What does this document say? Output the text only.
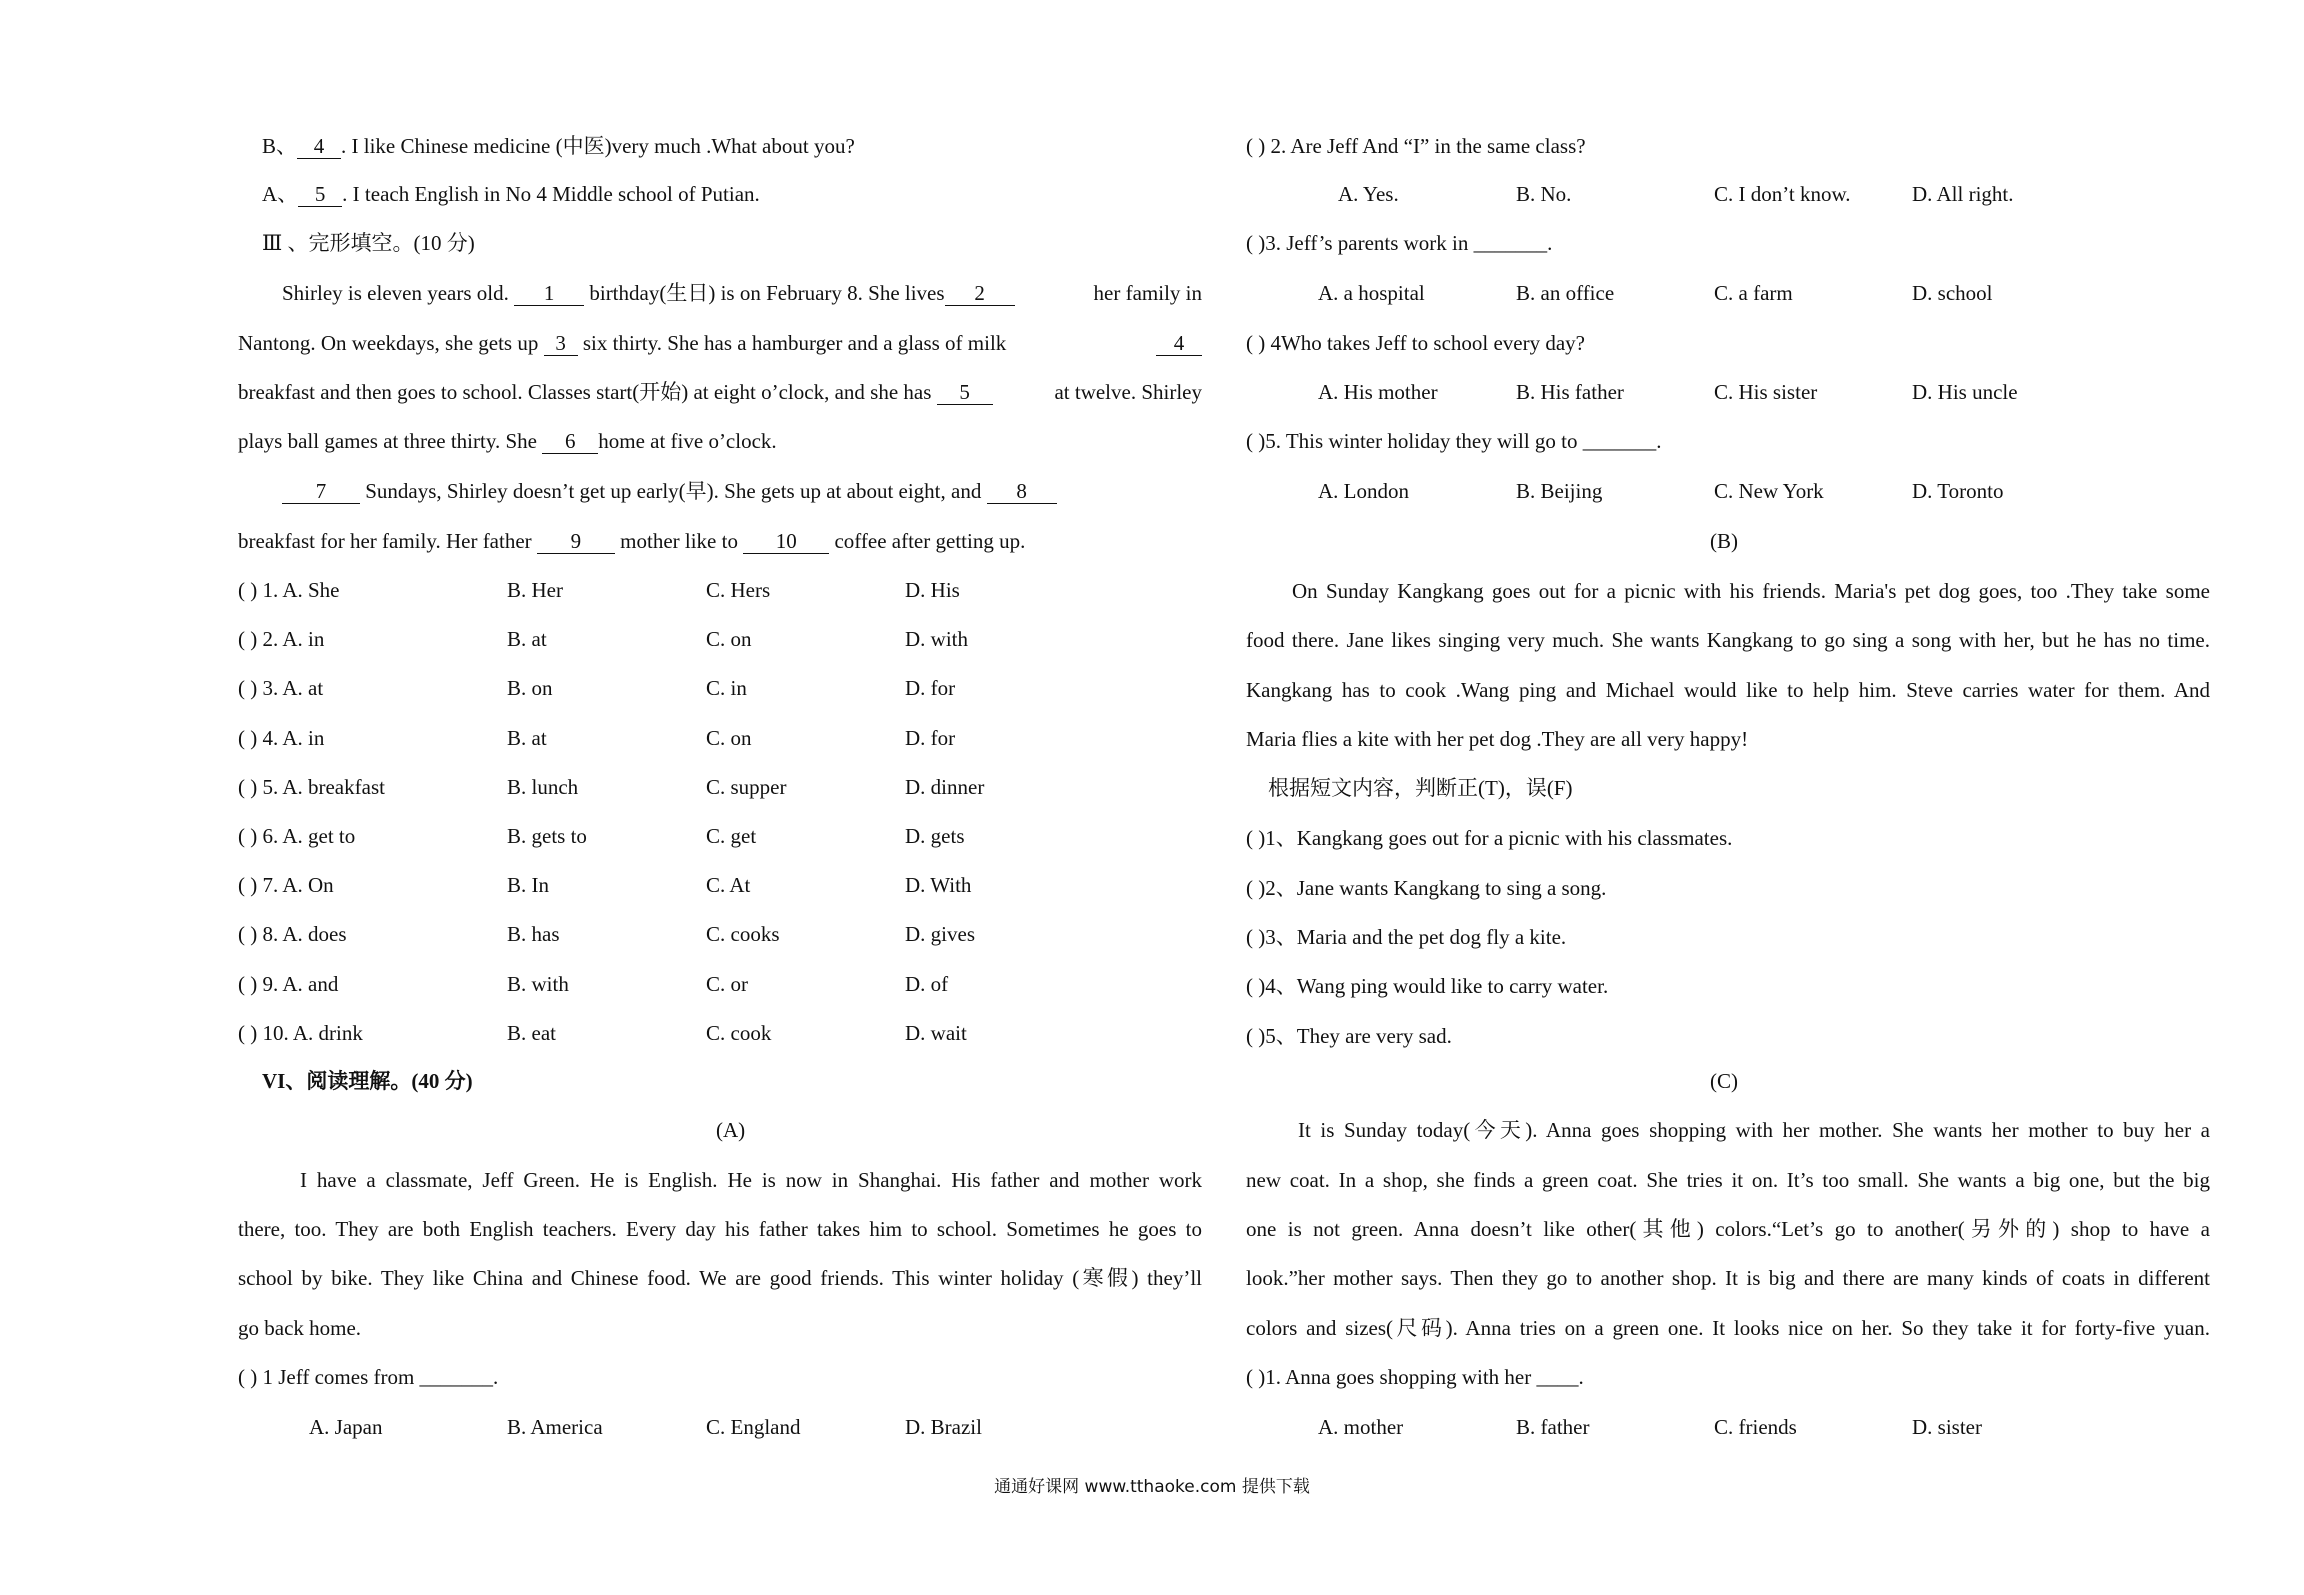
B、 4 . I like Chinese medicine (中医)very much .What about you?
A、 5 . I teach English in No 4 Middle school of Putian.
Ⅲ 、完形填空。(10 分)
Shirley is eleven years old. 1 birthday(生日) is on February 8. She lives 2	her family in
Nantong. On weekdays, she gets up 3 six thirty. She has a hamburger and a glass of milk	4
breakfast and then goes to school. Classes start(开始) at eight o’clock, and she has 5	at twelve. Shirley
plays ball games at three thirty. She 6 home at five o’clock.
7 Sundays, Shirley doesn’t get up early(早). She gets up at about eight, and 8
breakfast for her family. Her father 9 mother like to 10 coffee after getting up.
( ) 1. A. She	B. Her	C. Hers	D. His
( ) 2. A. in	B. at	C. on	D. with
( ) 3. A. at	B. on	C. in	D. for
( ) 4. A. in	B. at	C. on	D. for
( ) 5. A. breakfast	B. lunch	C. supper	D. dinner
( ) 6. A. get to	B. gets to	C. get	D. gets
( ) 7. A. On	B. In	C. At	D. With
( ) 8. A. does	B. has	C. cooks	D. gives
( ) 9. A. and	B. with	C. or	D. of
( ) 10. A. drink	B. eat	C. cook	D. wait
VI、阅读理解。(40 分)
(A)
I have a classmate, Jeff Green. He is English. He is now in Shanghai. His father and mother work
there, too. They are both English teachers. Every day his father takes him to school. Sometimes he goes to
school by bike. They like China and Chinese food. We are good friends. This winter holiday (寒假) they’ll
go back home.
( ) 1 Jeff comes from _______.
A. Japan	B. America	C. England	D. Brazil
( ) 2. Are Jeff And “I” in the same class?
A. Yes.	B. No.	C. I don’t know.	D. All right.
( )3. Jeff’s parents work in _______.
A. a hospital	B. an office	C. a farm	D. school
( ) 4Who takes Jeff to school every day?
A. His mother	B. His father	C. His sister	D. His uncle
( )5. This winter holiday they will go to _______.
A. London	B. Beijing	C. New York	D. Toronto
(B)
On Sunday Kangkang goes out for a picnic with his friends. Maria's pet dog goes, too .They take some
food there. Jane likes singing very much. She wants Kangkang to go sing a song with her, but he has no time.
Kangkang has to cook .Wang ping and Michael would like to help him. Steve carries water for them. And
Maria flies a kite with her pet dog .They are all very happy!
根据短文内容，判断正(T)，误(F)
( )1、Kangkang goes out for a picnic with his classmates.
( )2、Jane wants Kangkang to sing a song.
( )3、Maria and the pet dog fly a kite.
( )4、Wang ping would like to carry water.
( )5、They are very sad.
(C)
It is Sunday today(今天). Anna goes shopping with her mother. She wants her mother to buy her a
new coat. In a shop, she finds a green coat. She tries it on. It’s too small. She wants a big one, but the big
one is not green. Anna doesn’t like other(其他) colors.“Let’s go to another(另外的) shop to have a
look.”her mother says. Then they go to another shop. It is big and there are many kinds of coats in different
colors and sizes(尺码). Anna tries on a green one. It looks nice on her. So they take it for forty-five yuan.
( )1. Anna goes shopping with her ____.
A. mother	B. father	C. friends	D. sister
通通好课网 www.tthaoke.com 提供下载
